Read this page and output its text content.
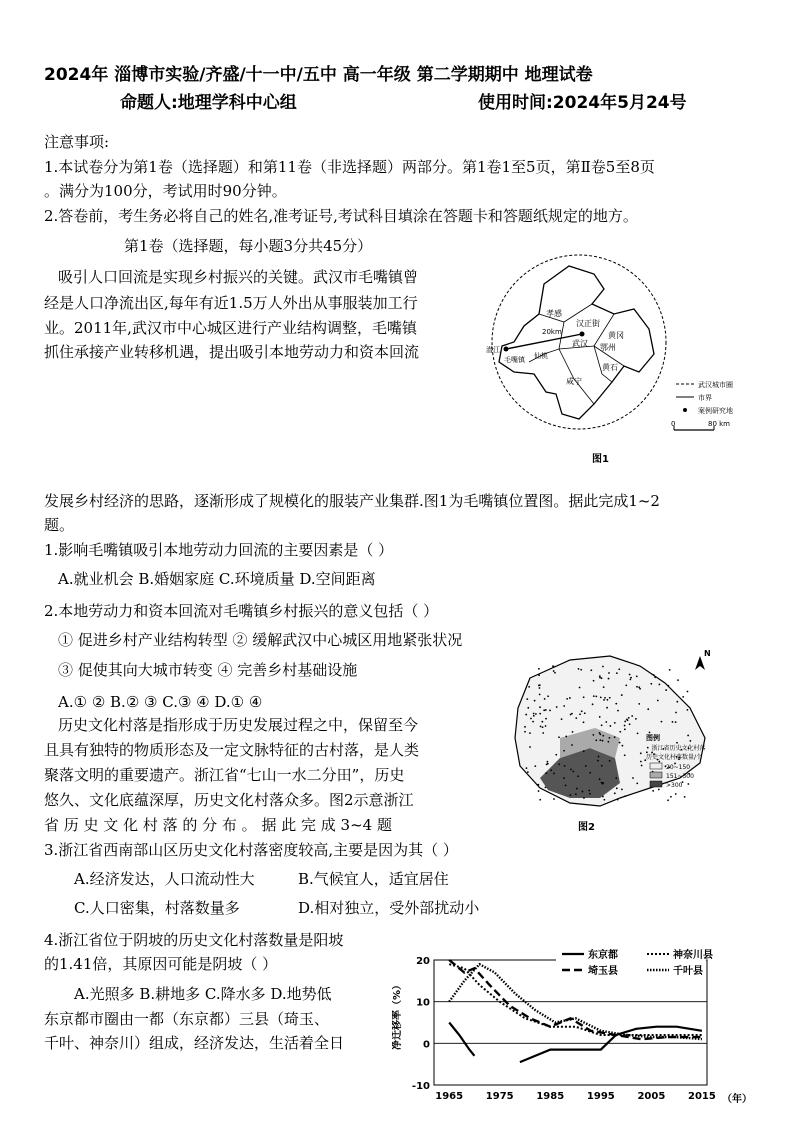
2024年 淄博市实验/齐盛/十一中/五中 高一年级 第二学期期中 地理试卷
命题人:地理学科中心组	使用时间:2024年5月24号
注意事项:
1.本试卷分为第1卷（选择题）和第11卷（非选择题）两部分。第1卷1至5页，第Ⅱ卷5至8页
。满分为100分，考试用时90分钟。
2.答卷前，考生务必将自己的姓名,准考证号,考试科目填涂在答题卡和答题纸规定的地方。
第1卷（选择题，每小题3分共45分）
吸引人口回流是实现乡村振兴的关键。武汉市毛嘴镇曾
经是人口净流出区,每年有近1.5万人外出从事服装加工行
业。2011年,武汉市中心城区进行产业结构调整，毛嘴镇
抓住承接产业转移机遇，提出吸引本地劳动力和资本回流
发展乡村经济的思路，逐渐形成了规模化的服装产业集群.图1为毛嘴镇位置图。据此完成1~2
题。
孝感
汉正街
20km
武汉
黄冈
鄂州
潜江
毛嘴镇 仙桃
黄石
咸宁	武汉城市圈
市界
案例研究地
0	80 km
图1
1.影响毛嘴镇吸引本地劳动力回流的主要因素是（ ）
A.就业机会 B.婚姻家庭 C.环境质量 D.空间距离
2.本地劳动力和资本回流对毛嘴镇乡村振兴的意义包括（ ）
① 促进乡村产业结构转型 ② 缓解武汉中心城区用地紧张状况
③ 促使其向大城市转变 ④ 完善乡村基础设施
A.① ② B.② ③ C.③ ④ D.① ④
历史文化村落是指形成于历史发展过程之中，保留至今
且具有独特的物质形态及一定文脉特征的古村落，是人类
聚落文明的重要遗产。浙江省“七山一水二分田”，历史
悠久、文化底蕴深厚，历史文化村落众多。图2示意浙江
省 历 史 文 化 村 落 的 分 布 。 据 此 完 成 3~4 题
N
图例
• 浙江省历史文化村落
历史文化村落数量/个
20~150
151~300
>300
图2
3.浙江省西南部山区历史文化村落密度较高,主要是因为其（ ）
A.经济发达，人口流动性大	B.气候宜人，适宜居住
C.人口密集，村落数量多	D.相对独立，受外部扰动小
4.浙江省位于阴坡的历史文化村落数量是阳坡
的1.41倍，其原因可能是阴坡（ ）
A.光照多 B.耕地多 C.降水多 D.地势低
东京都市圈由一都（东京都）三县（琦玉、
千叶、神奈川）组成，经济发达，生活着全日
20
10
0
-10
1965 1975 1985 1995 2005 2015
净迁移率（%）
（年）
东京都	神奈川县
埼玉县	千叶县
